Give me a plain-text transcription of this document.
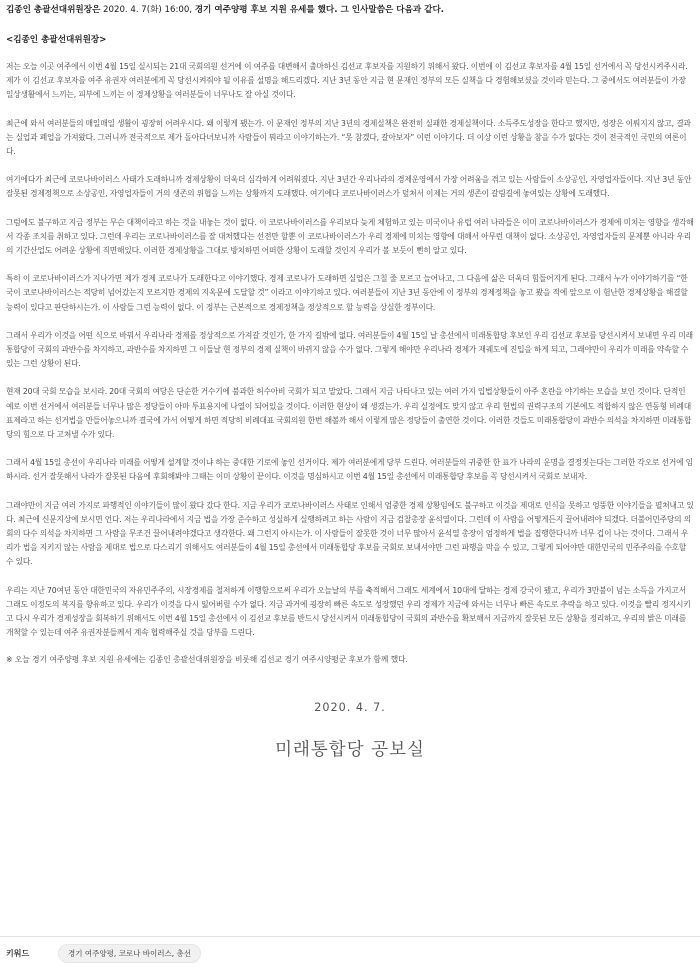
김종인 총괄선대위원장은 2020. 4. 7(화) 16:00, 경기 여주양평 후보 지원 유세를 했다. 그 인사말씀은 다음과 같다.
<김종인 총괄선대위원장>

저는 오늘 이곳 여주에서 이번 4월 15일 실시되는 21대 국회의원 선거에 이 여주를 대변해서 출마하신 김선교 후보자를 지원하기 위해서 왔다. 이번에 이 김선교 후보자를 4월 15일 선거에서 꼭 당선시켜주시라. 제가 이 김선교 후보자를 여주 유권자 여러분에게 꼭 당선시켜줘야 될 이유를 설명을 해드리겠다. 지난 3년 동안 지금 현 문재인 정부의 모든 실책을 다 경험해보셨을 것이라 믿는다. 그 중에서도 여러분들이 가장 일상생활에서 느끼는, 피부에 느끼는 이 경제상황을 여러분들이 너무나도 잘 아실 것이다.

최근에 와서 여러분들의 매일매일 생활이 굉장히 어려우시다. 왜 이렇게 됐는가. 이 문재인 정부의 지난 3년의 경제실책은 완전히 실패한 경제실책이다. 소득주도성장을 한다고 했지만, 성장은 이뤄지지 않고, 결과는 실업과 폐업을 가져왔다. 그러니까 전국적으로 제가 돌아다녀보니까 사람들이 뭐라고 이야기하는가. “못 참겠다, 갈아보자” 이런 이야기다. 더 이상 이런 상황을 참을 수가 없다는 것이 전국적인 국민의 여론이다.

여기에다가 최근에 코로나바이러스 사태가 도래하니까 경제상황이 더욱더 심각하게 어려워졌다. 지난 3년간 우리나라의 경제운영에서 가장 어려움을 겪고 있는 사람들이 소상공인, 자영업자들이다. 지난 3년 동안 잘못된 경제정책으로 소상공인, 자영업자들이 거의 생존의 위협을 느끼는 상황까지 도래했다. 여기에다 코로나바이러스가 덮쳐서 이제는 거의 생존이 갈림길에 놓여있는 상황에 도래했다.

그럼에도 불구하고 지금 정부는 무슨 대책이라고 하는 것을 내놓는 것이 없다. 이 코로나바이러스를 우리보다 늦게 체험하고 있는 미국이나 유럽 여러 나라들은 이미 코로나바이러스가 경제에 미치는 영향을 생각해서 각종 조치를 취하고 있다. 그런데 우리는 코로나바이러스를 잘 대처했다는 선전만 할뿐 이 코로나바이러스가 우리 경제에 미치는 영향에 대해서 아무런 대책이 없다. 소상공인, 자영업자들의 문제뿐 아니라 우리의 기간산업도 어려운 상황에 직면해있다. 이러한 경제상황을 그대로 방치하면 어떠한 상황이 도래할 것인지 우리가 볼 보듯이 뻔히 알고 있다.

특히 이 코로나바이러스가 지나가면 제가 경제 코로나가 도래한다고 이야기했다. 경제 코로나가 도래하면 실업은 그칠 줄 모르고 늘어나고, 그 다음에 삶은 더욱더 힘들어지게 된다. 그래서 누가 이야기하기를 “한국이 코로나바이러스는 적당히 넘어갔는지 모르지만 경제의 지옥문에 도달할 것” 이라고 이야기하고 있다. 여러분들이 지난 3년 동안에 이 정부의 경제정책을 놓고 봤을 적에 앞으로 이 험난한 경제상황을 해결할 능력이 있다고 판단하시는가. 이 사람들 그런 능력이 없다. 이 정부는 근본적으로 경제정책을 정상적으로 할 능력을 상실한 정부이다.

그래서 우리가 이것을 어떤 식으로 바꿔서 우리나라 경제를 정상적으로 가져갈 것인가, 한 가지 길밖에 없다. 여러분들이 4월 15일 날 총선에서 미래통합당 후보인 우리 김선교 후보를 당선시켜서 보내면 우리 미래통합당이 국회의 과반수를 차지하고, 과반수를 차지하면 그 이들날 현 정부의 경제 실책이 바뀌지 않을 수가 없다. 그렇게 해야만 우리나라 경제가 재궤도에 진입을 하게 되고, 그래야만이 우리가 미래를 약속할 수 있는 그런 상황이 된다.

현재 20대 국회 모습을 보시라. 20대 국회의 여당은 단순한 거수기에 불과한 허수아비 국회가 되고 말았다. 그래서 지금 나타나고 있는 여러 가지 입법상황들이 아주 혼란을 야기하는 모습을 보인 것이다. 단적인 예로 이번 선거에서 여러분들 너무나 많은 정당들이 아마 투표용지에 나열이 되어있을 것이다. 이러한 현상이 왜 생겼는가. 우리 실정에도 맞지 않고 우리 헌법의 권력구조의 기본에도 적합하지 않은 연동형 비례대표제라고 하는 선거법을 만들어놓으니까 결국에 가서 어떻게 하면 적당히 비례대표 국회의원 한번 해볼까 해서 이렇게 많은 정당들이 출연한 것이다. 이러한 것들도 미래통합당이 과반수 의석을 차지하면 미래통합당의 힘으로 다 고쳐낼 수가 있다.

그래서 4월 15일 총선이 우리나라 미래를 어떻게 설계할 것이냐 하는 중대한 기로에 놓인 선거이다. 제가 여러분에게 당부 드린다. 여러분들의 귀중한 한 표가 나라의 운명을 결정짓는다는 그러한 각오로 선거에 임하시라. 선거 잘못해서 나라가 잘못된 다음에 후회해봐야 그때는 이미 상황이 끝이다. 이것을 명심하시고 이번 4월 15일 총선에서 미래통합당 후보를 꼭 당선시켜서 국회로 보내자.

그래야만이 지금 여러 가지로 파행적인 이야기들이 많이 왔다 갔다 한다. 지금 우리가 코로나바이러스 사태로 인해서 엄중한 경제 상황임에도 불구하고 이것을 제대로 인식을 못하고 엉뚱한 이야기들을 펼쳐내고 있다. 최근에 신문지상에 보시면 언다. 저는 우리나라에서 지금 법을 가장 준수하고 성실하게 실행하려고 하는 사람이 지금 검찰총장 윤석열이다. 그런데 이 사람을 어떻게든지 끌어내려야 되겠다. 더불어민주당의 의회의 다수 의석을 차지하면 그 사람을 무조건 끌어내려야겠다고 생각한다. 왜 그런지 아시는가. 이 사람들이 잘못한 것이 너무 많아서 윤석열 총장이 엄정하게 법을 집행한다니까 너무 겁이 나는 것이다. 그래서 우리가 법을 지키지 않는 사람을 제대로 법으로 다스리기 위해서도 여러분들이 4월 15일 총선에서 미래통합당 후보를 국회로 보내셔야만 그런 파행을 막을 수 있고, 그렇게 되어야만 대한민국의 민주주의를 수호할 수 있다.

우리는 지난 70여년 동안 대한민국의 자유민주주의, 시장경제를 철저하게 이행함으로써 우리가 오늘날의 부를 축적해서 그래도 세계에서 10대에 달하는 경제 강국이 됐고, 우리가 3만불이 넘는 소득을 가지고서 그래도 이정도의 복지를 향유하고 있다. 우리가 이것을 다시 잃어버릴 수가 없다. 지금 과거에 굉장히 빠른 속도로 성장했던 우리 경제가 지금에 와서는 너무나 빠른 속도로 추락을 하고 있다. 이것을 빨리 정지시키고 다시 우리가 경제성장을 회복하기 위해서도 이번 4월 15일 총선에서 이 김선교 후보를 반드시 당선시켜서 미래통합당이 국회의 과반수를 확보해서 지금까지 잘못된 모든 상황을 정리하고, 우리의 밝은 미래를 개척할 수 있는데 여주 유권자분들께서 계속 협력해주실 것을 당부를 드린다.

※ 오늘 경기 여주양평 후보 지원 유세에는 김종인 총괄선대위원장을 비롯해 김선교 경기 여주시양평군 후보가 함께 했다.
2020. 4. 7.
미래통합당 공보실
키워드	경기 여주양평, 코로나 바이러스, 총선
